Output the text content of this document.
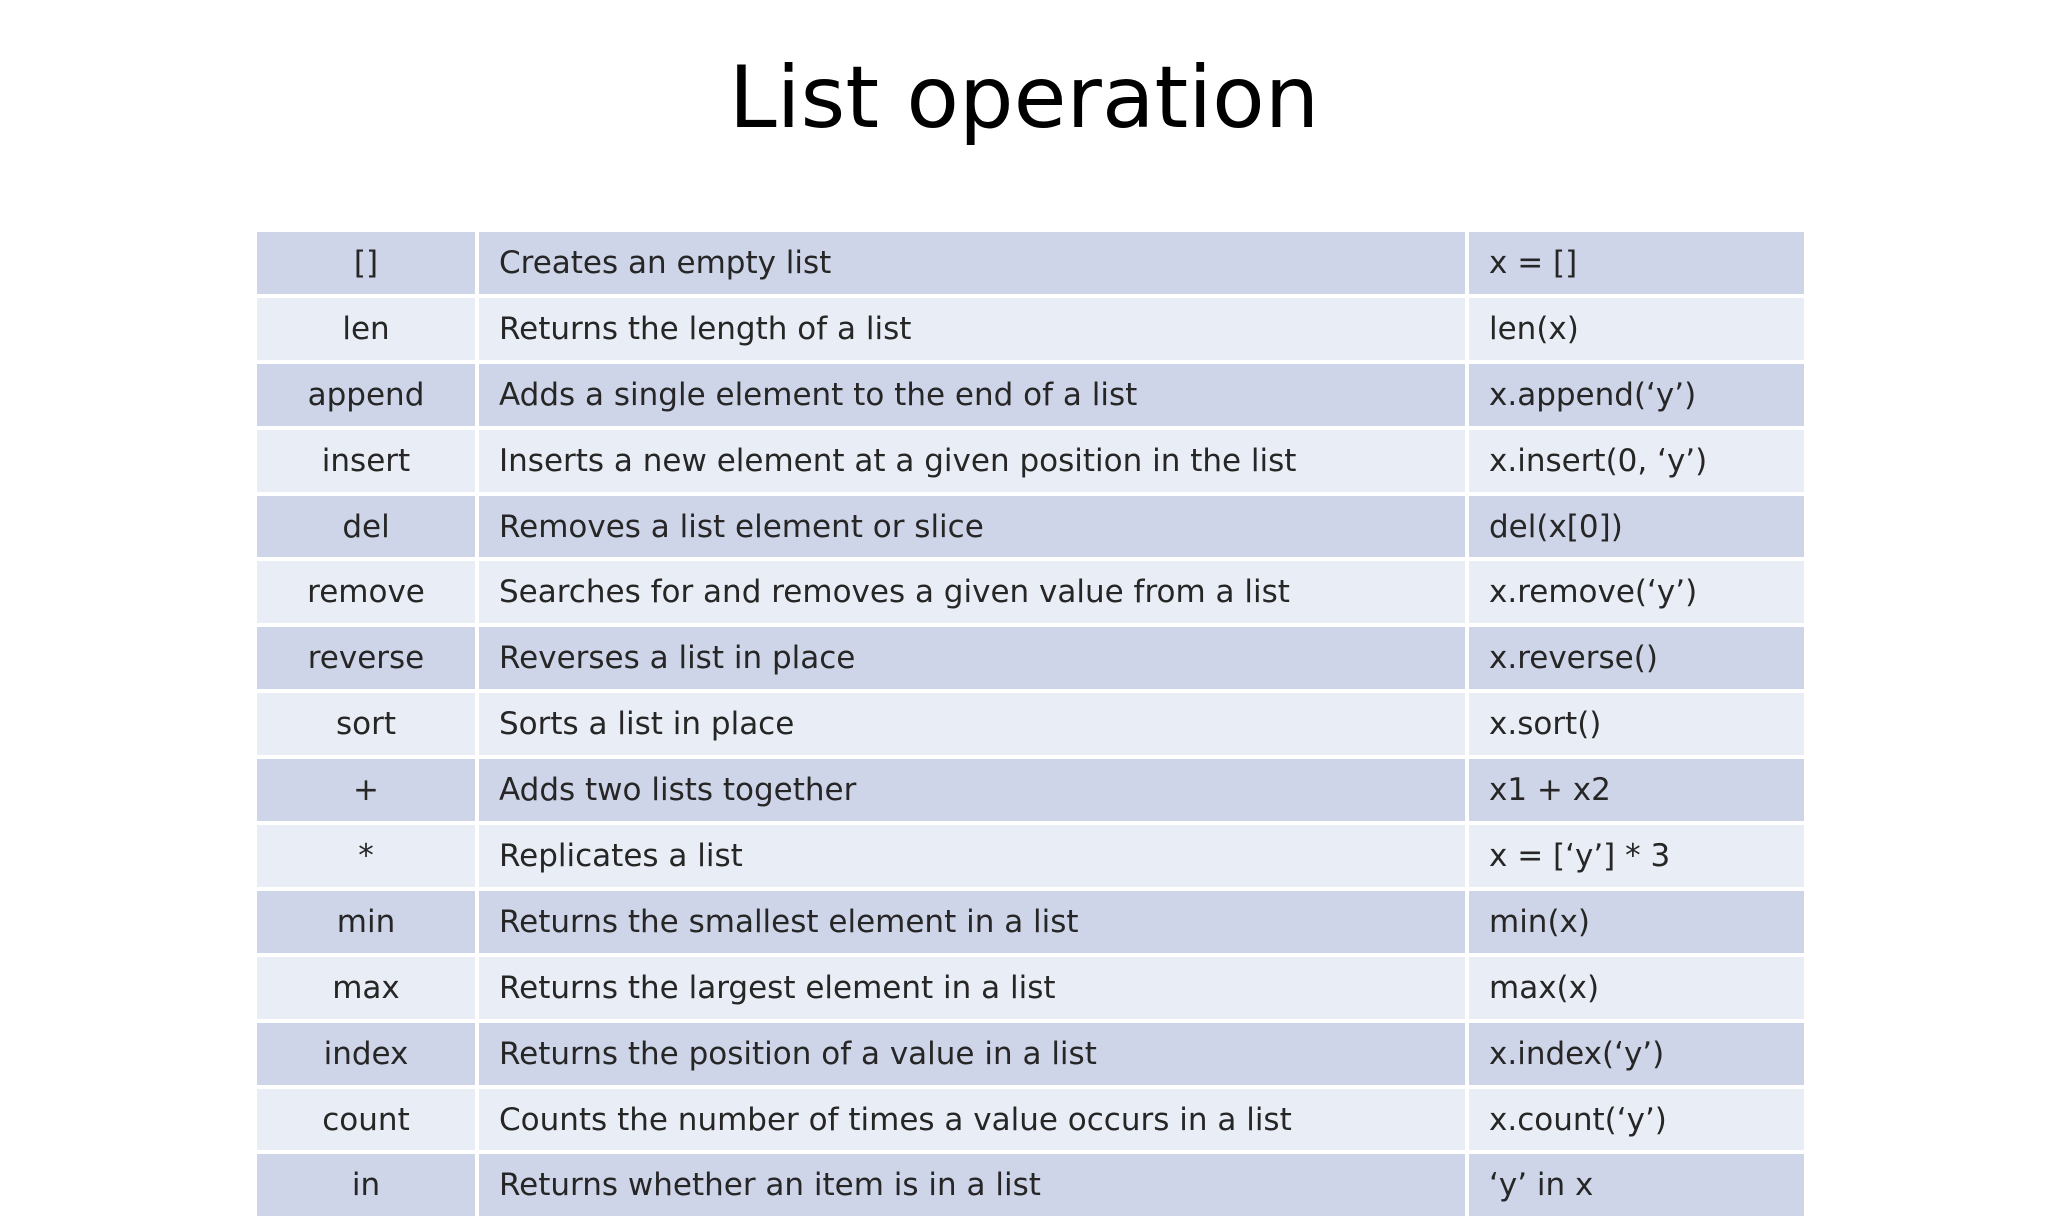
List operation
[]	Creates an empty list	x = []
len	Returns the length of a list	len(x)
append	Adds a single element to the end of a list	x.append(‘y’)
insert	Inserts a new element at a given position in the list	x.insert(0, ‘y’)
del	Removes a list element or slice	del(x[0])
remove	Searches for and removes a given value from a list	x.remove(‘y’)
reverse	Reverses a list in place	x.reverse()
sort	Sorts a list in place	x.sort()
+	Adds two lists together	x1 + x2
*	Replicates a list	x = [‘y’] * 3
min	Returns the smallest element in a list	min(x)
max	Returns the largest element in a list	max(x)
index	Returns the position of a value in a list	x.index(‘y’)
count	Counts the number of times a value occurs in a list	x.count(‘y’)
in	Returns whether an item is in a list	‘y’ in x
